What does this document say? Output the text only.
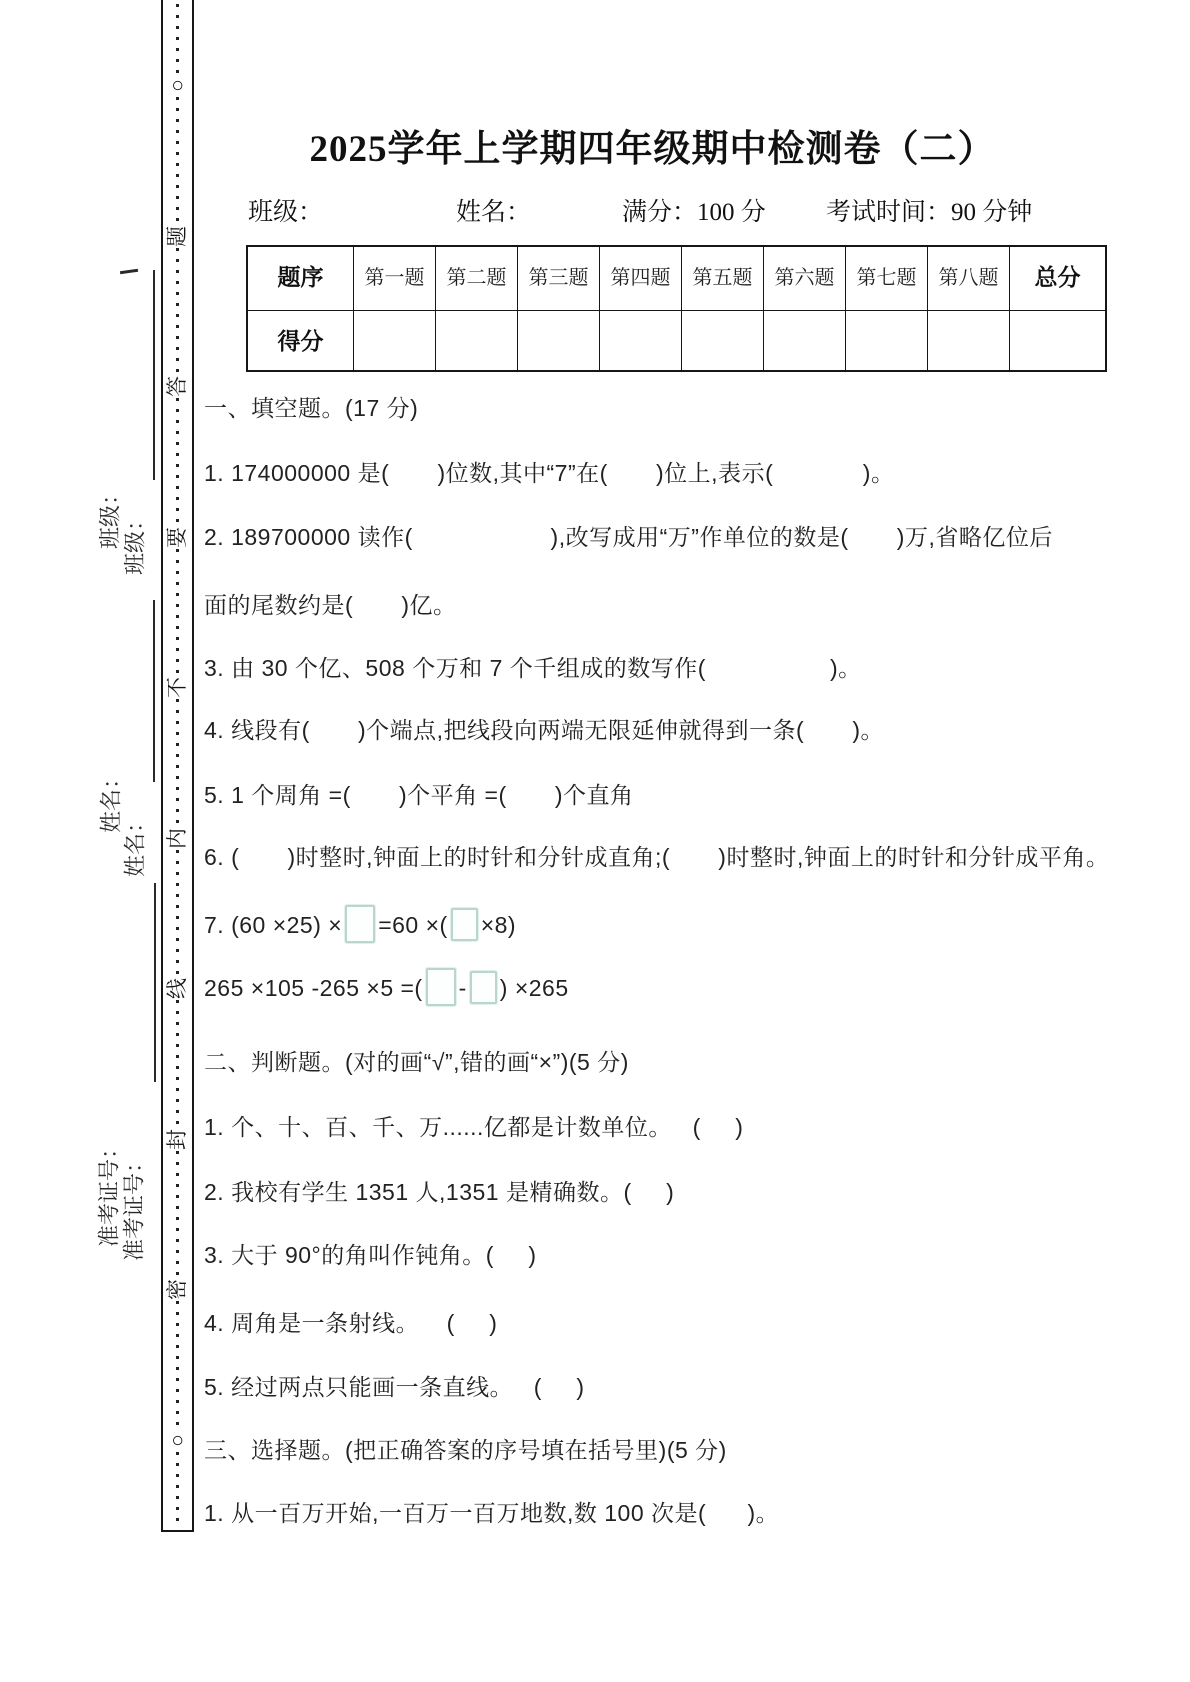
○
题
答
要
不
内
线
封
密
○
班级： 班级：
姓名：
姓名：
准考证号： 准考证号：
2025学年上学期四年级期中检测卷（二）
班级：	姓名：	满分：100 分 考试时间：90 分钟
题序	第一题	第二题	第三题	第四题	第五题	第六题	第七题	第八题	总分
得分
一、填空题。(17 分)
1. 174000000 是(       )位数,其中“7”在(       )位上,表示(             )。
2. 189700000 读作(                    ),改写成用“万”作单位的数是(       )万,省略亿位后
面的尾数约是(       )亿。
3. 由 30 个亿、508 个万和 7 个千组成的数写作(                  )。
4. 线段有(       )个端点,把线段向两端无限延伸就得到一条(       )。
5. 1 个周角 =(       )个平角 =(       )个直角
6. (       )时整时,钟面上的时针和分针成直角;(       )时整时,钟面上的时针和分针成平角。
7. (60 ×25) × =60 ×( ×8)
265 ×105 -265 ×5 =( - ) ×265
二、判断题。(对的画“√”,错的画“×”)(5 分)
1. 个、十、百、千、万......亿都是计数单位。   (     )
2. 我校有学生 1351 人,1351 是精确数。(     )
3. 大于 90°的角叫作钝角。(     )
4. 周角是一条射线。    (     )
5. 经过两点只能画一条直线。   (     )
三、选择题。(把正确答案的序号填在括号里)(5 分)
1. 从一百万开始,一百万一百万地数,数 100 次是(      )。
